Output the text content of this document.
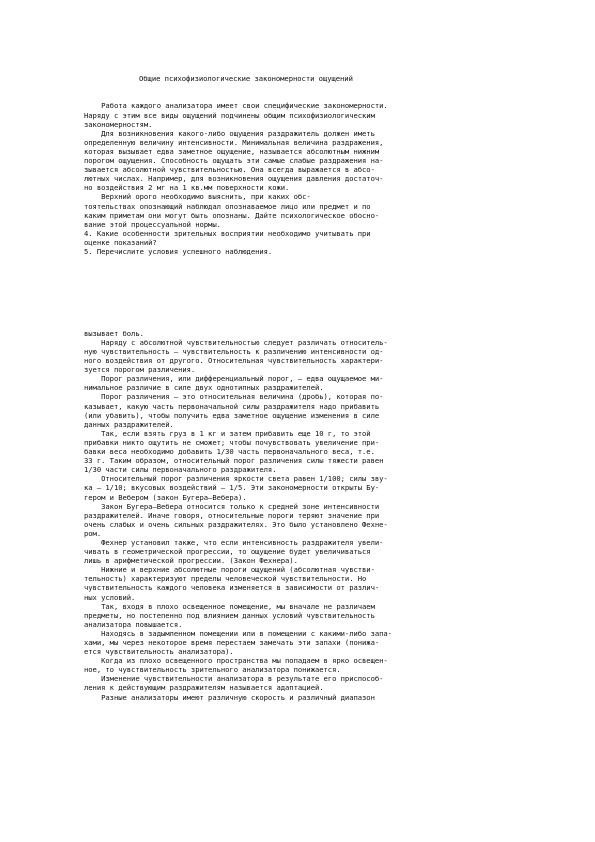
Общие психофизиологические закономерности ощущений

Работа каждого анализатора имеет свои специфические закономерности.
Наряду с этим все виды ощущений подчинены общим психофизиологическим
закономерностям.
Для возникновения какого-либо ощущения раздражитель должен иметь
определенную величину интенсивности. Минимальная величина раздражения,
которая вызывает едва заметное ощущение, называется абсолютным нижним
порогом ощущения. Способность ощущать эти самые слабые раздражения на-
зывается абсолютной чувствительностью. Она всегда выражается в абсо-
лютных числах. Например, для возникновения ощущения давления достаточ-
но воздействия 2 мг на 1 кв.мм поверхности кожи.
Верхний орого необходимо выяснить, при каких обс-
тоятельствах опознающий наблюдал опознаваемое лицо или предмет и по
каким приметам они могут быть опознаны. Дайте психологическое обосно-
вание этой процессуальной нормы.
4. Какие особенности зрительных восприятии необходимо учитывать при
оценке показаний?
5. Перечислите условия успешного наблюдения.

вызывает боль.
Наряду с абсолютной чувствительностью следует различать относитель-
ную чувствительность — чувствительность к различению интенсивности од-
ного воздействия от другого. Относительная чувствительность характери-
зуется порогом различения.
Порог различения, или дифференциальный порог, — едва ощущаемое ми-
нимальное различие в силе двух однотипных раздражителей.
Порог различения — это относительная величина (дробь), которая по-
казывает, какую часть первоначальной силы раздражителя надо прибавить
(или убавить), чтобы получить едва заметное ощущение изменения в силе
данных раздражителей.
Так, если взять груз в 1 кг и затем прибавить еще 10 г, то этой
прибавки никто ощутить не сможет; чтобы почувствовать увеличение при-
бавки веса необходимо добавить 1/30 часть первоначального веса, т.е.
33 г. Таким образом, относительный порог различения силы тяжести равен
1/30 части силы первоначального раздражителя.
Относительный порог различения яркости света равен 1/100; силы зву-
ка — 1/10; вкусовых воздействий — 1/5. Эти закономерности открыты Бу-
гером и Вебером (закон Бугера—Вебера).
Закон Бугера—Вебера относится только к средней зоне интенсивности
раздражителей. Иначе говоря, относительные пороги теряют значение при
очень слабых и очень сильных раздражителях. Это было установлено Фехне-
ром.
Фехнер установил также, что если интенсивность раздражителя увели-
чивать в геометрической прогрессии, то ощущение будет увеличиваться
лишь в арифметической прогрессии. (Закон Фехнера).
Нижние и верхние абсолютные пороги ощущений (абсолютная чувстви-
тельность) характеризуют пределы человеческой чувствительности. Но
чувствительность каждого человека изменяется в зависимости от различ-
ных условий.
Так, входя в плохо освещенное помещение, мы вначале не различаем
предметы, но постепенно под влиянием данных условий чувствительность
анализатора повышается.
Находясь в задымленном помещении или в помещении с какими-либо запа-
хами, мы через некоторое время перестаем замечать эти запахи (понижа-
ется чувствительность анализатора).
Когда из плохо освещенного пространства мы попадаем в ярко освещен-
ное, то чувствительность зрительного анализатора понижается.
Изменение чувствительности анализатора в результате его приспособ-
ления к действующим раздражителям называется адаптацией.
Разные анализаторы имеют различную скорость и различный диапазон
